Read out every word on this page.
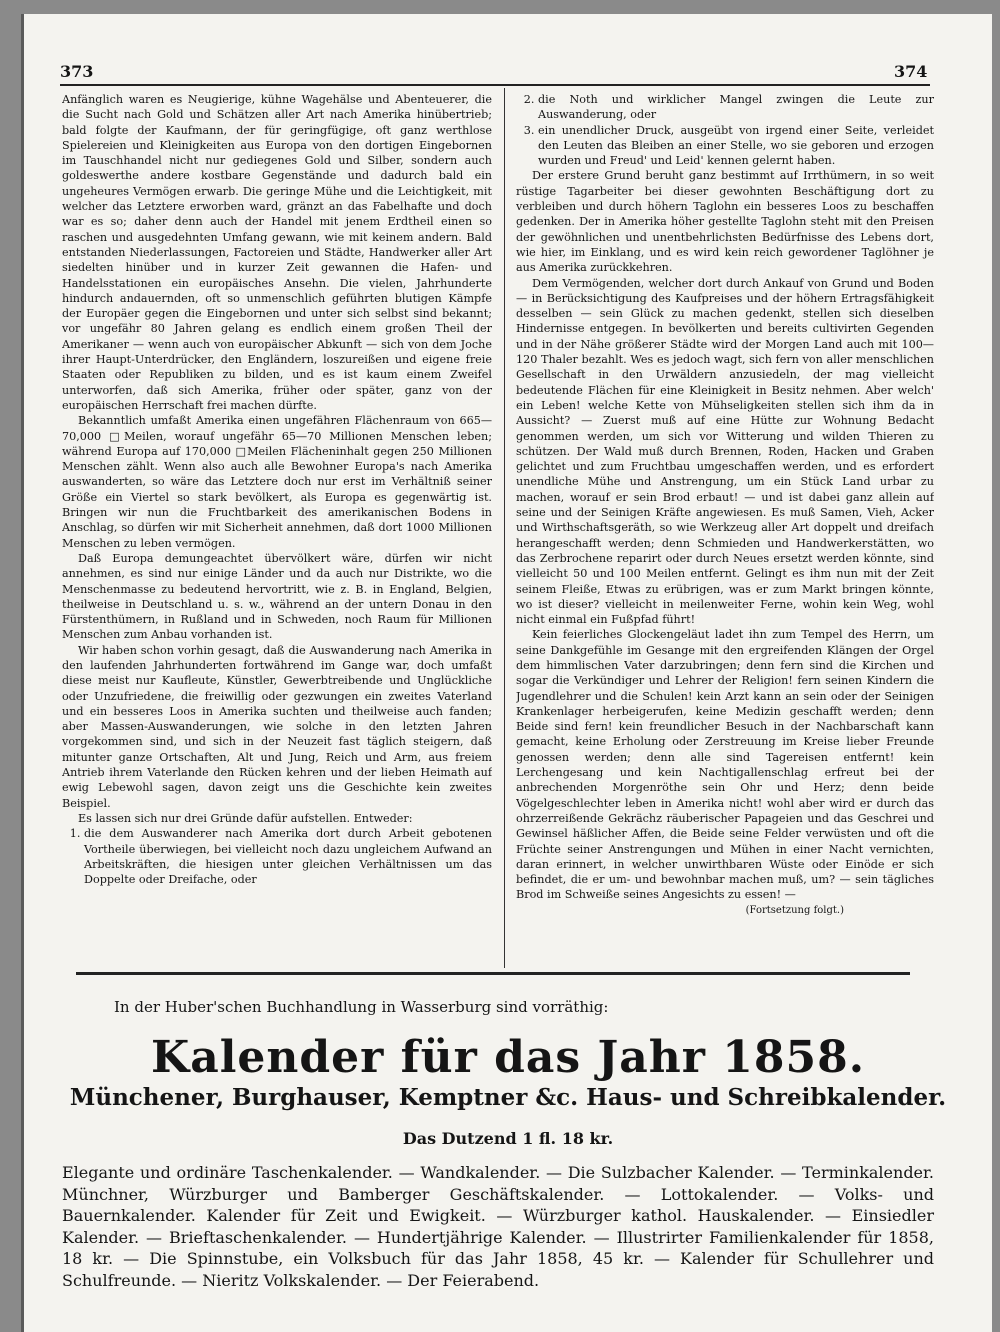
373	374

Anfänglich waren es Neugierige, kühne Wagehälse und Abenteuerer, die die Sucht nach Gold und Schätzen aller Art nach Amerika hinübertrieb; bald folgte der Kaufmann, der für geringfügige, oft ganz werthlose Spielereien und Kleinigkeiten aus Europa von den dortigen Eingebornen im Tauschhandel nicht nur gediegenes Gold und Silber, sondern auch goldeswerthe andere kostbare Gegenstände und dadurch bald ein ungeheures Vermögen erwarb. Die geringe Mühe und die Leichtigkeit, mit welcher das Letztere erworben ward, gränzt an das Fabelhafte und doch war es so; daher denn auch der Handel mit jenem Erdtheil einen so raschen und ausgedehnten Umfang gewann, wie mit keinem andern. Bald entstanden Niederlassungen, Factoreien und Städte, Handwerker aller Art siedelten hinüber und in kurzer Zeit gewannen die Hafen- und Handelsstationen ein europäisches Ansehn. Die vielen, Jahrhunderte hindurch andauernden, oft so unmenschlich geführten blutigen Kämpfe der Europäer gegen die Eingebornen und unter sich selbst sind bekannt; vor ungefähr 80 Jahren gelang es endlich einem großen Theil der Amerikaner — wenn auch von europäischer Abkunft — sich von dem Joche ihrer Haupt-Unterdrücker, den Engländern, loszureißen und eigene freie Staaten oder Republiken zu bilden, und es ist kaum einem Zweifel unterworfen, daß sich Amerika, früher oder später, ganz von der europäischen Herrschaft frei machen dürfte.

Bekanntlich umfaßt Amerika einen ungefähren Flächenraum von 665—70,000 □Meilen, worauf ungefähr 65—70 Millionen Menschen leben; während Europa auf 170,000 □Meilen Flächeninhalt gegen 250 Millionen Menschen zählt. Wenn also auch alle Bewohner Europa's nach Amerika auswanderten, so wäre das Letztere doch nur erst im Verhältniß seiner Größe ein Viertel so stark bevölkert, als Europa es gegenwärtig ist. Bringen wir nun die Fruchtbarkeit des amerikanischen Bodens in Anschlag, so dürfen wir mit Sicherheit annehmen, daß dort 1000 Millionen Menschen zu leben vermögen.

Daß Europa demungeachtet übervölkert wäre, dürfen wir nicht annehmen, es sind nur einige Länder und da auch nur Distrikte, wo die Menschenmasse zu bedeutend hervortritt, wie z. B. in England, Belgien, theilweise in Deutschland u. s. w., während an der untern Donau in den Fürstenthümern, in Rußland und in Schweden, noch Raum für Millionen Menschen zum Anbau vorhanden ist.

Wir haben schon vorhin gesagt, daß die Auswanderung nach Amerika in den laufenden Jahrhunderten fortwährend im Gange war, doch umfaßt diese meist nur Kaufleute, Künstler, Gewerbtreibende und Unglückliche oder Unzufriedene, die freiwillig oder gezwungen ein zweites Vaterland und ein besseres Loos in Amerika suchten und theilweise auch fanden; aber Massen-Auswanderungen, wie solche in den letzten Jahren vorgekommen sind, und sich in der Neuzeit fast täglich steigern, daß mitunter ganze Ortschaften, Alt und Jung, Reich und Arm, aus freiem Antrieb ihrem Vaterlande den Rücken kehren und der lieben Heimath auf ewig Lebewohl sagen, davon zeigt uns die Geschichte kein zweites Beispiel.

Es lassen sich nur drei Gründe dafür aufstellen. Entweder:

1. die dem Auswanderer nach Amerika dort durch Arbeit gebotenen Vortheile überwiegen, bei vielleicht noch dazu ungleichem Aufwand an Arbeitskräften, die hiesigen unter gleichen Verhältnissen um das Doppelte oder Dreifache, oder
2. die Noth und wirklicher Mangel zwingen die Leute zur Auswanderung, oder
3. ein unendlicher Druck, ausgeübt von irgend einer Seite, verleidet den Leuten das Bleiben an einer Stelle, wo sie geboren und erzogen wurden und Freud' und Leid' kennen gelernt haben.

Der erstere Grund beruht ganz bestimmt auf Irrthümern, in so weit rüstige Tagarbeiter bei dieser gewohnten Beschäftigung dort zu verbleiben und durch höhern Taglohn ein besseres Loos zu beschaffen gedenken. Der in Amerika höher gestellte Taglohn steht mit den Preisen der gewöhnlichen und unentbehrlichsten Bedürfnisse des Lebens dort, wie hier, im Einklang, und es wird kein reich gewordener Taglöhner je aus Amerika zurückkehren.

Dem Vermögenden, welcher dort durch Ankauf von Grund und Boden — in Berücksichtigung des Kaufpreises und der höhern Ertragsfähigkeit desselben — sein Glück zu machen gedenkt, stellen sich dieselben Hindernisse entgegen. In bevölkerten und bereits cultivirten Gegenden und in der Nähe größerer Städte wird der Morgen Land auch mit 100—120 Thaler bezahlt. Wes es jedoch wagt, sich fern von aller menschlichen Gesellschaft in den Urwäldern anzusiedeln, der mag vielleicht bedeutende Flächen für eine Kleinigkeit in Besitz nehmen. Aber welch' ein Leben! welche Kette von Mühseligkeiten stellen sich ihm da in Aussicht? — Zuerst muß auf eine Hütte zur Wohnung Bedacht genommen werden, um sich vor Witterung und wilden Thieren zu schützen. Der Wald muß durch Brennen, Roden, Hacken und Graben gelichtet und zum Fruchtbau umgeschaffen werden, und es erfordert unendliche Mühe und Anstrengung, um ein Stück Land urbar zu machen, worauf er sein Brod erbaut! — und ist dabei ganz allein auf seine und der Seinigen Kräfte angewiesen. Es muß Samen, Vieh, Acker und Wirthschaftsgeräth, so wie Werkzeug aller Art doppelt und dreifach herangeschafft werden; denn Schmieden und Handwerkerstätten, wo das Zerbrochene reparirt oder durch Neues ersetzt werden könnte, sind vielleicht 50 und 100 Meilen entfernt. Gelingt es ihm nun mit der Zeit seinem Fleiße, Etwas zu erübrigen, was er zum Markt bringen könnte, wo ist dieser? vielleicht in meilenweiter Ferne, wohin kein Weg, wohl nicht einmal ein Fußpfad führt!

Kein feierliches Glockengeläut ladet ihn zum Tempel des Herrn, um seine Dankgefühle im Gesange mit den ergreifenden Klängen der Orgel dem himmlischen Vater darzubringen; denn fern sind die Kirchen und sogar die Verkündiger und Lehrer der Religion! fern seinen Kindern die Jugendlehrer und die Schulen! kein Arzt kann an sein oder der Seinigen Krankenlager herbeigerufen, keine Medizin geschafft werden; denn Beide sind fern! kein freundlicher Besuch in der Nachbarschaft kann gemacht, keine Erholung oder Zerstreuung im Kreise lieber Freunde genossen werden; denn alle sind Tagereisen entfernt! kein Lerchengesang und kein Nachtigallenschlag erfreut bei der anbrechenden Morgenröthe sein Ohr und Herz; denn beide Vögelgeschlechter leben in Amerika nicht! wohl aber wird er durch das ohrzerreißende Gekrächz räuberischer Papageien und das Geschrei und Gewinsel häßlicher Affen, die Beide seine Felder verwüsten und oft die Früchte seiner Anstrengungen und Mühen in einer Nacht vernichten, daran erinnert, in welcher unwirthbaren Wüste oder Einöde er sich befindet, die er um- und bewohnbar machen muß, um? — sein tägliches Brod im Schweiße seines Angesichts zu essen! —

(Fortsetzung folgt.)
In der Huber'schen Buchhandlung in Wasserburg sind vorräthig:
Kalender für das Jahr 1858.
Münchener, Burghauser, Kemptner &c. Haus- und Schreibkalender.
Das Dutzend 1 fl. 18 kr.
Elegante und ordinäre Taschenkalender. — Wandkalender. — Die Sulzbacher Kalender. — Terminkalender. Münchner, Würzburger und Bamberger Geschäftskalender. — Lottokalender. — Volks- und Bauernkalender. Kalender für Zeit und Ewigkeit. — Würzburger kathol. Hauskalender. — Einsiedler Kalender. — Brieftaschenkalender. — Hundertjährige Kalender. — Illustrirter Familienkalender für 1858, 18 kr. — Die Spinnstube, ein Volksbuch für das Jahr 1858, 45 kr. — Kalender für Schullehrer und Schulfreunde. — Nieritz Volkskalender. — Der Feierabend.
